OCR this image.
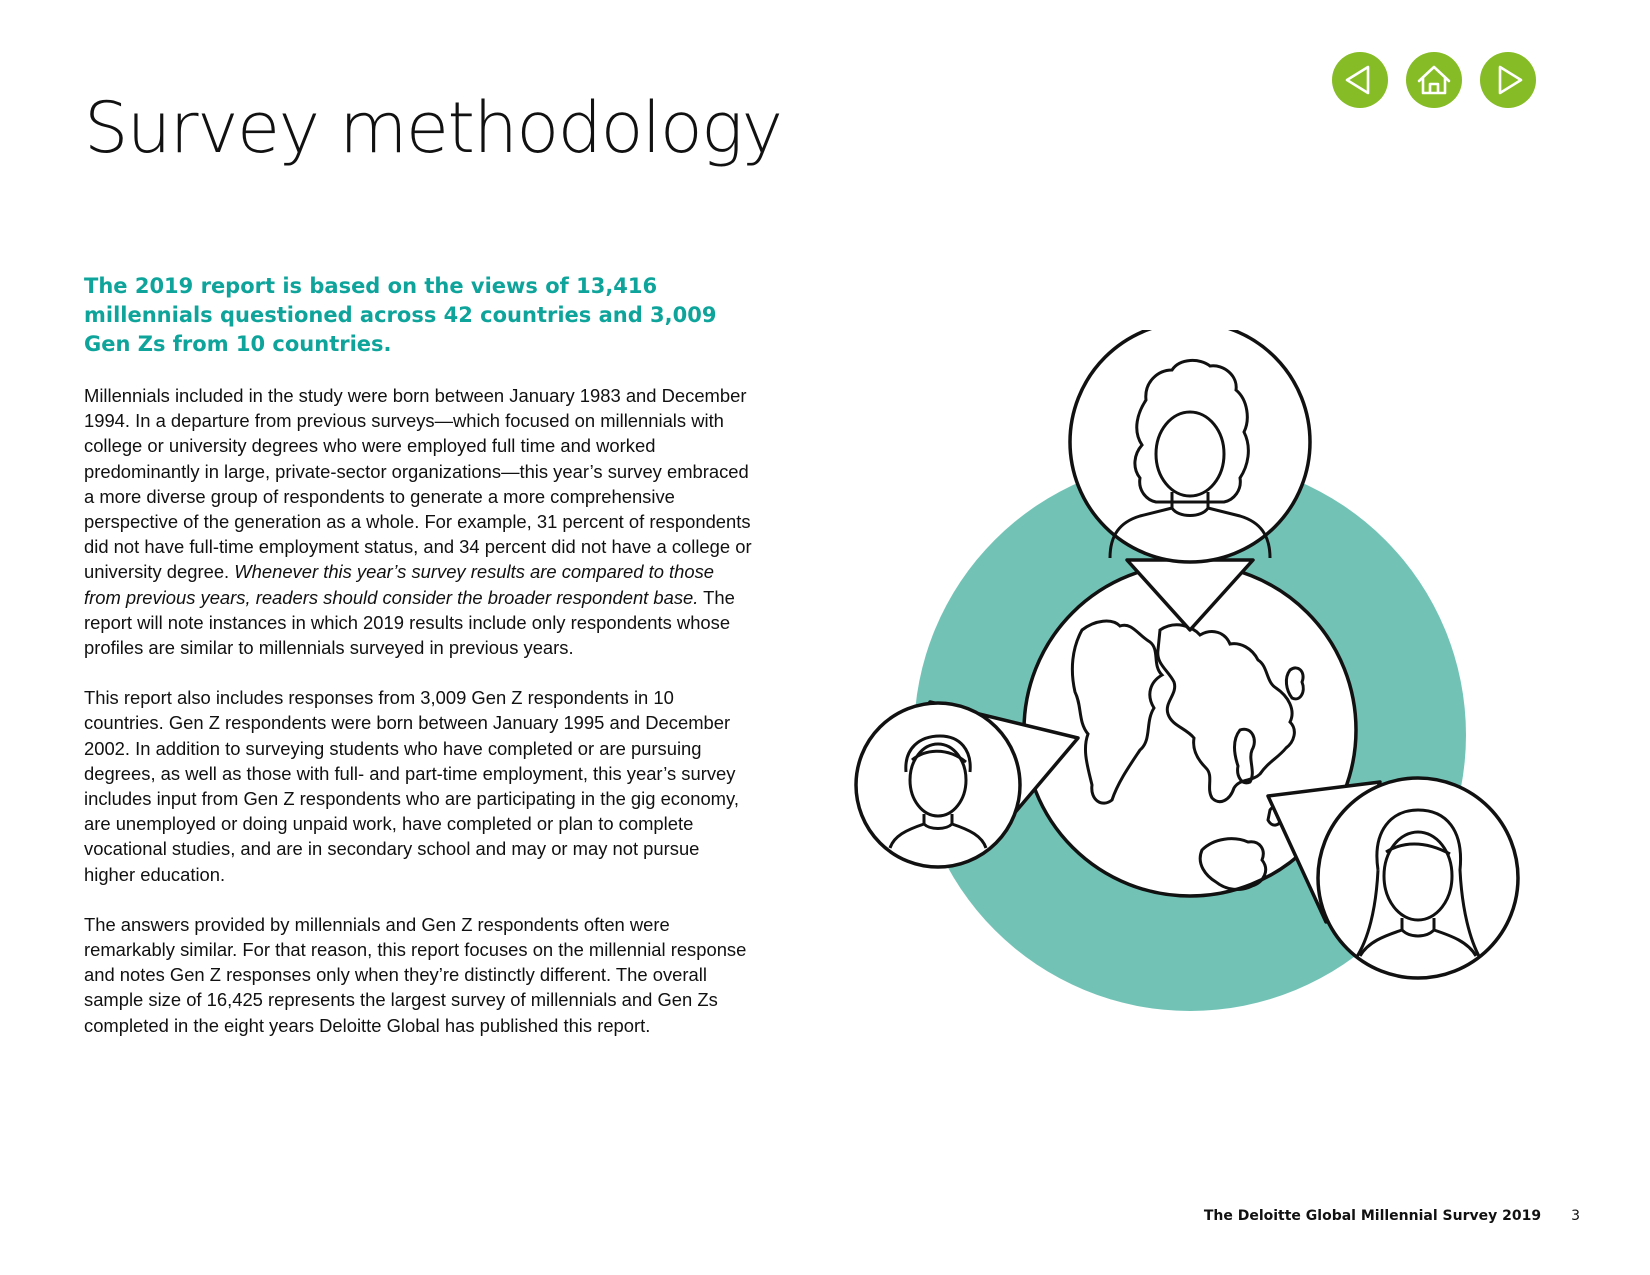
Survey methodology

The 2019 report is based on the views of 13,416 millennials questioned across 42 countries and 3,009 Gen Zs from 10 countries.

Millennials included in the study were born between January 1983 and December 1994. In a departure from previous surveys—which focused on millennials with college or university degrees who were employed full time and worked predominantly in large, private-sector organizations—this year’s survey embraced a more diverse group of respondents to generate a more comprehensive perspective of the generation as a whole. For example, 31 percent of respondents did not have full-time employment status, and 34 percent did not have a college or university degree. Whenever this year’s survey results are compared to those from previous years, readers should consider the broader respondent base. The report will note instances in which 2019 results include only respondents whose profiles are similar to millennials surveyed in previous years.

This report also includes responses from 3,009 Gen Z respondents in 10 countries. Gen Z respondents were born between January 1995 and December 2002. In addition to surveying students who have completed or are pursuing degrees, as well as those with full- and part-time employment, this year’s survey includes input from Gen Z respondents who are participating in the gig economy, are unemployed or doing unpaid work, have completed or plan to complete vocational studies, and are in secondary school and may or may not pursue higher education.

The answers provided by millennials and Gen Z respondents often were remarkably similar. For that reason, this report focuses on the millennial response and notes Gen Z responses only when they’re distinctly different. The overall sample size of 16,425 represents the largest survey of millennials and Gen Zs completed in the eight years Deloitte Global has published this report.

The Deloitte Global Millennial Survey 2019 3
